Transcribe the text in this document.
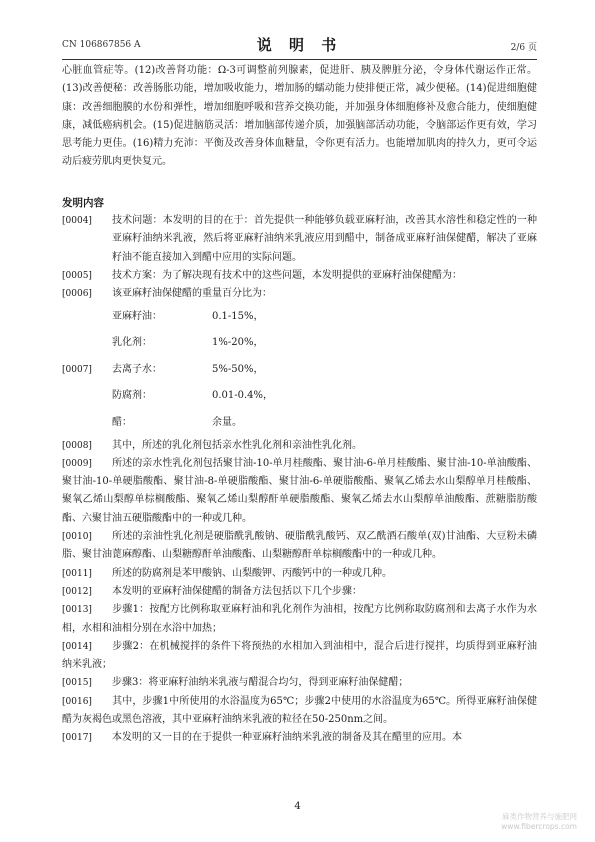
CN 106867856 A	说 明 书	2/6 页

心脏血管症等。(12)改善肾功能：Ω-3可调整前列腺素，促进肝、胰及脾脏分泌，令身体代谢运作正常。(13)改善便秘：改善肠胀功能，增加吸收能力，增加肠的蠕动能力使排便正常，减少便秘。(14)促进细胞健康：改善细胞膜的水份和弹性，增加细胞呼吸和营养交换功能，并加强身体细胞修补及愈合能力，使细胞健康，减低癌病机会。(15)促进脑筋灵活：增加脑部传递介质，加强脑部活动功能，令脑部运作更有效，学习思考能力更佳。(16)精力充沛：平衡及改善身体血糖量，令你更有活力。也能增加肌肉的持久力，更可令运动后疲劳肌肉更快复元。

发明内容

[0004]	技术问题：本发明的目的在于：首先提供一种能够负载亚麻籽油，改善其水溶性和稳定性的一种亚麻籽油纳米乳液，然后将亚麻籽油纳米乳液应用到醋中，制备成亚麻籽油保健醋，解决了亚麻籽油不能直接加入到醋中应用的实际问题。
[0005]	技术方案：为了解决现有技术中的这些问题，本发明提供的亚麻籽油保健醋为：
[0006]	该亚麻籽油保健醋的重量百分比为：
亚麻籽油：	0.1-15%，
乳化剂：	1%-20%，
[0007]	去离子水：	5%-50%，
防腐剂：	0.01-0.4%，
醋：	余量。
[0008]	其中，所述的乳化剂包括亲水性乳化剂和亲油性乳化剂。

[0009] 所述的亲水性乳化剂包括聚甘油-10-单月桂酸酯、聚甘油-6-单月桂酸酯、聚甘油-10-单油酸酯、聚甘油-10-单硬脂酸酯、聚甘油-8-单硬脂酸酯、聚甘油-6-单硬脂酸酯、聚氧乙烯去水山梨醇单月桂酸酯、聚氧乙烯山梨醇单棕榈酸酯、聚氧乙烯山梨醇酐单硬脂酸酯、聚氧乙烯去水山梨醇单油酸酯、蔗糖脂肪酸酯、六聚甘油五硬脂酸酯中的一种或几种。

[0010] 所述的亲油性乳化剂是硬脂酰乳酸钠、硬脂酰乳酸钙、双乙酰酒石酸单(双)甘油酯、大豆粉未磷脂、聚甘油蓖麻醇酯、山梨糖醇酐单油酸酯、山梨糖醇酐单棕榈酸酯中的一种或几种。

[0011]	所述的防腐剂是苯甲酸钠、山梨酸钾、丙酸钙中的一种或几种。
[0012]	本发明的亚麻籽油保健醋的制备方法包括以下几个步骤：

[0013] 步骤1：按配方比例称取亚麻籽油和乳化剂作为油相，按配方比例称取防腐剂和去离子水作为水相，水相和油相分别在水浴中加热；

[0014] 步骤2：在机械搅拌的条件下将预热的水相加入到油相中，混合后进行搅拌，均质得到亚麻籽油纳米乳液；

[0015]	步骤3：将亚麻籽油纳米乳液与醋混合均匀，得到亚麻籽油保健醋；

[0016] 其中，步骤1中所使用的水浴温度为65℃；步骤2中使用的水浴温度为65℃。所得亚麻籽油保健醋为灰褐色或黑色溶液，其中亚麻籽油纳米乳液的粒径在50-250nm之间。

[0017]	本发明的又一目的在于提供一种亚麻籽油纳米乳液的制备及其在醋里的应用。本
4
麻类作物营养与施肥网
www.fibercrops.com
